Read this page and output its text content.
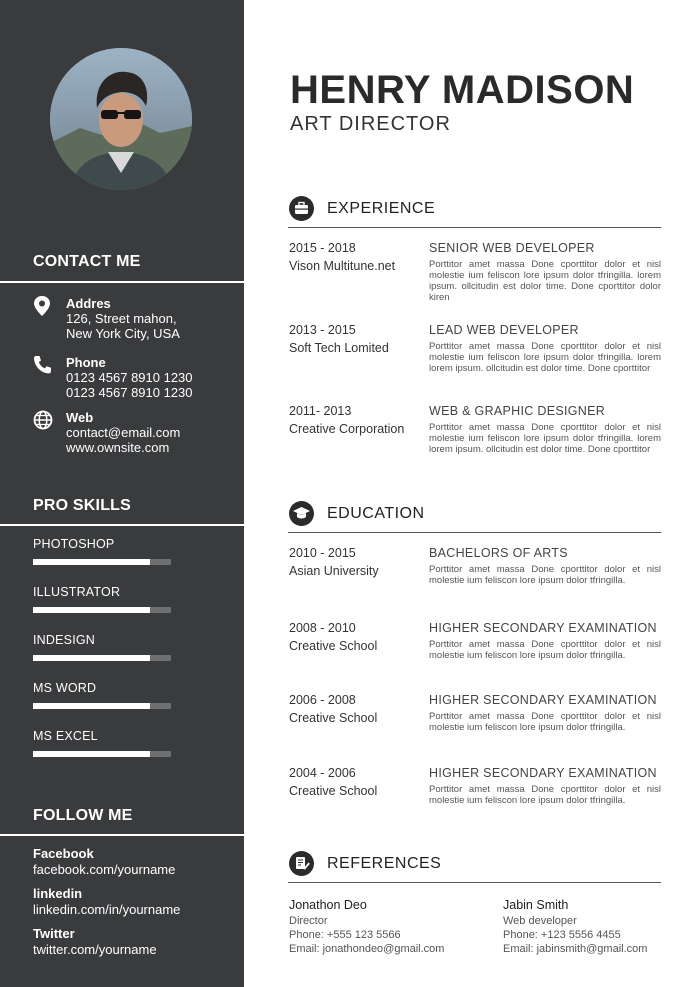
CONTACT ME
Addres
126, Street mahon,
New York City, USA
Phone
0123 4567 8910 1230
0123 4567 8910 1230
Web
contact@email.com
www.ownsite.com
PRO SKILLS
PHOTOSHOP
ILLUSTRATOR
INDESIGN
MS WORD
MS EXCEL
FOLLOW ME
Facebook
facebook.com/yourname
linkedin
linkedin.com/in/yourname
Twitter
twitter.com/yourname
HENRY MADISON
ART DIRECTOR
EXPERIENCE
2015 - 2018
Vison Multitune.net
SENIOR WEB DEVELOPER
Porttitor amet massa Done cporttitor dolor et nisl molestie ium feliscon lore ipsum dolor tfringilla. lorem ipsum. ollcitudin est dolor time. Done cporttitor dolor kiren
2013 - 2015
Soft Tech Lomited
LEAD WEB DEVELOPER
Porttitor amet massa Done cporttitor dolor et nisl molestie ium feliscon lore ipsum dolor tfringilla. lorem lorem ipsum. ollcitudin est dolor time. Done cporttitor
2011- 2013
Creative Corporation
WEB & GRAPHIC DESIGNER
Porttitor amet massa Done cporttitor dolor et nisl molestie ium feliscon lore ipsum dolor tfringilla. lorem lorem ipsum. ollcitudin est dolor time. Done cporttitor
EDUCATION
2010 - 2015
Asian University
BACHELORS OF ARTS
Porttitor amet massa Done cporttitor dolor et nisl molestie ium feliscon lore ipsum dolor tfringilla.
2008 - 2010
Creative School
HIGHER SECONDARY EXAMINATION
Porttitor amet massa Done cporttitor dolor et nisl molestie ium feliscon lore ipsum dolor tfringilla.
2006 - 2008
Creative School
HIGHER SECONDARY EXAMINATION
Porttitor amet massa Done cporttitor dolor et nisl molestie ium feliscon lore ipsum dolor tfringilla.
2004 - 2006
Creative School
HIGHER SECONDARY EXAMINATION
Porttitor amet massa Done cporttitor dolor et nisl molestie ium feliscon lore ipsum dolor tfringilla.
REFERENCES
Jonathon Deo
Director
Phone: +555 123 5566
Email: jonathondeo@gmail.com
Jabin Smith
Web developer
Phone: +123 5556 4455
Email: jabinsmith@gmail.com
